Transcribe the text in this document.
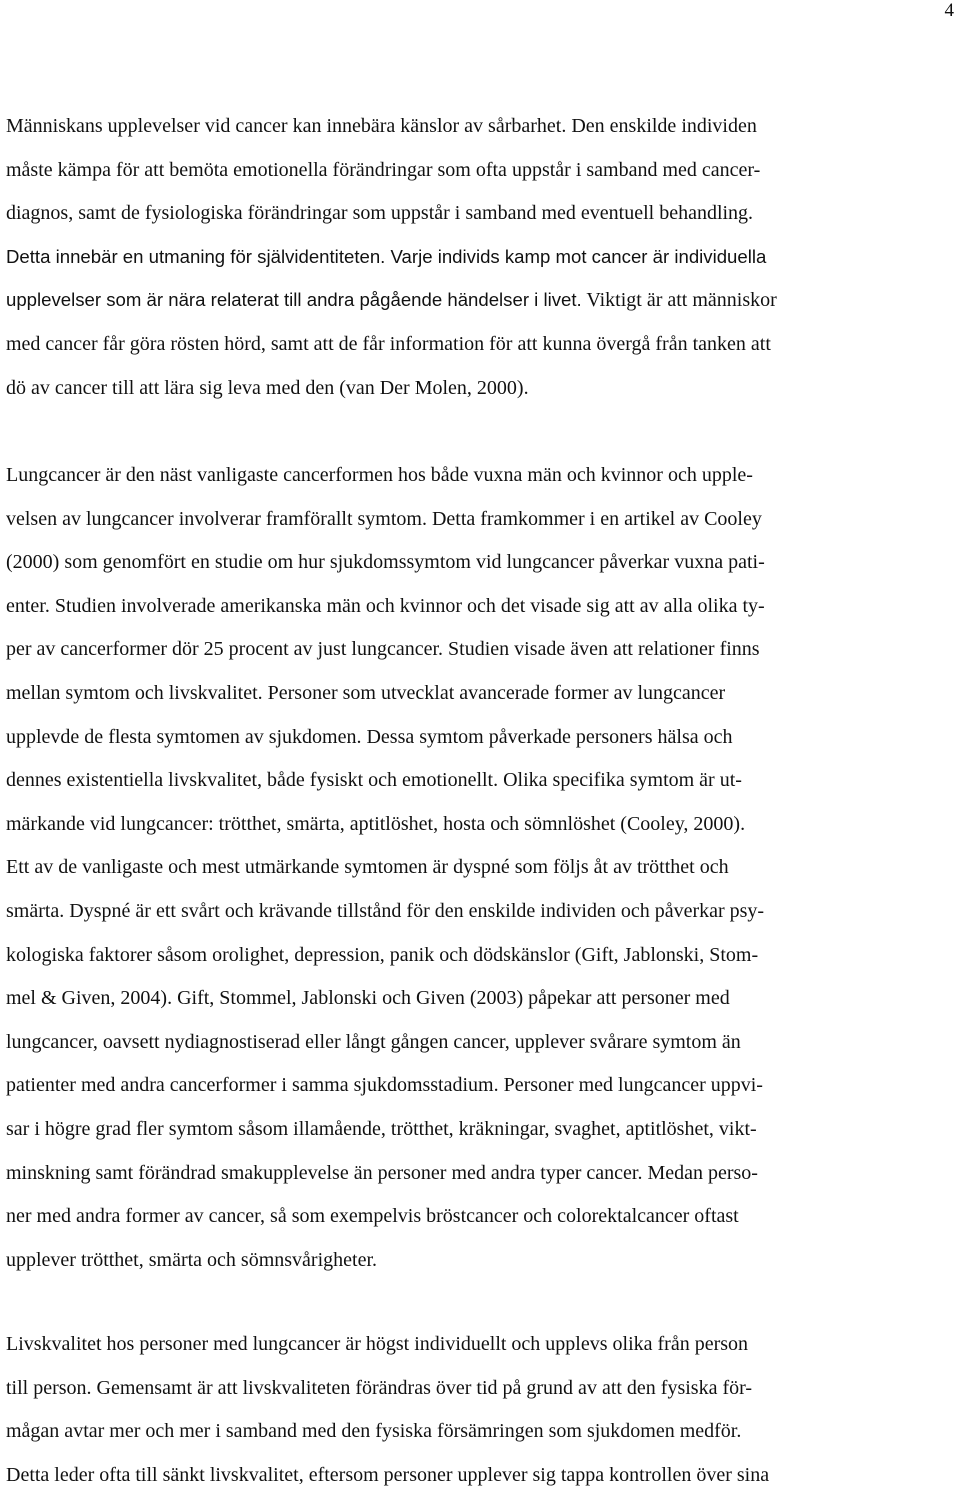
4
Människans upplevelser vid cancer kan innebära känslor av sårbarhet. Den enskilde individen
måste kämpa för att bemöta emotionella förändringar som ofta uppstår i samband med cancer-
diagnos, samt de fysiologiska förändringar som uppstår i samband med eventuell behandling.
Detta innebär en utmaning för självidentiteten. Varje individs kamp mot cancer är individuella
upplevelser som är nära relaterat till andra pågående händelser i livet. Viktigt är att människor
med cancer får göra rösten hörd, samt att de får information för att kunna övergå från tanken att
dö av cancer till att lära sig leva med den (van Der Molen, 2000).
Lungcancer är den näst vanligaste cancerformen hos både vuxna män och kvinnor och upple-
velsen av lungcancer involverar framförallt symtom. Detta framkommer i en artikel av Cooley
(2000) som genomfört en studie om hur sjukdomssymtom vid lungcancer påverkar vuxna pati-
enter. Studien involverade amerikanska män och kvinnor och det visade sig att av alla olika ty-
per av cancerformer dör 25 procent av just lungcancer. Studien visade även att relationer finns
mellan symtom och livskvalitet. Personer som utvecklat avancerade former av lungcancer
upplevde de flesta symtomen av sjukdomen. Dessa symtom påverkade personers hälsa och
dennes existentiella livskvalitet, både fysiskt och emotionellt. Olika specifika symtom är ut-
märkande vid lungcancer: trötthet, smärta, aptitlöshet, hosta och sömnlöshet (Cooley, 2000).
Ett av de vanligaste och mest utmärkande symtomen är dyspné som följs åt av trötthet och
smärta. Dyspné är ett svårt och krävande tillstånd för den enskilde individen och påverkar psy-
kologiska faktorer såsom orolighet, depression, panik och dödskänslor (Gift, Jablonski, Stom-
mel & Given, 2004). Gift, Stommel, Jablonski och Given (2003) påpekar att personer med
lungcancer, oavsett nydiagnostiserad eller långt gången cancer, upplever svårare symtom än
patienter med andra cancerformer i samma sjukdomsstadium. Personer med lungcancer uppvi-
sar i högre grad fler symtom såsom illamående, trötthet, kräkningar, svaghet, aptitlöshet, vikt-
minskning samt förändrad smakupplevelse än personer med andra typer cancer. Medan perso-
ner med andra former av cancer, så som exempelvis bröstcancer och colorektalcancer oftast
upplever trötthet, smärta och sömnsvårigheter.
Livskvalitet hos personer med lungcancer är högst individuellt och upplevs olika från person
till person. Gemensamt är att livskvaliteten förändras över tid på grund av att den fysiska för-
mågan avtar mer och mer i samband med den fysiska försämringen som sjukdomen medför.
Detta leder ofta till sänkt livskvalitet, eftersom personer upplever sig tappa kontrollen över sina
